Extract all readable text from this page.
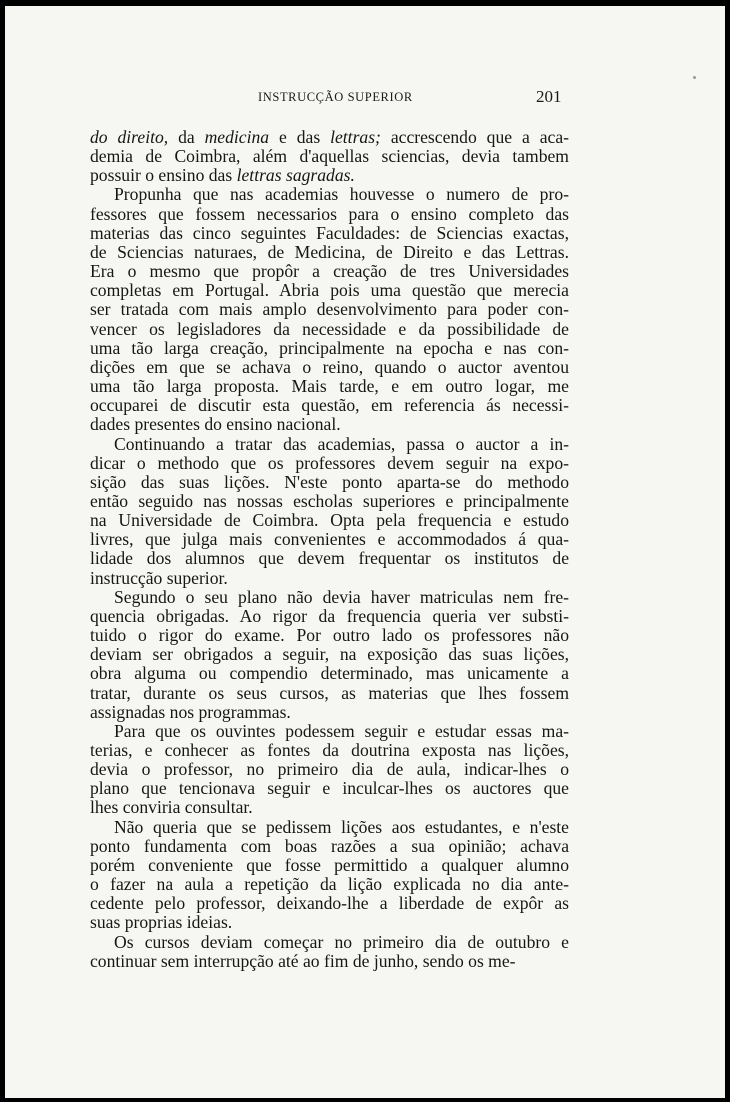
INSTRUCÇÃO SUPERIOR	201

do direito, da medicina e das lettras; accrescendo que a aca-
demia de Coimbra, além d'aquellas sciencias, devia tambem
possuir o ensino das lettras sagradas.

Propunha que nas academias houvesse o numero de pro-
fessores que fossem necessarios para o ensino completo das
materias das cinco seguintes Faculdades: de Sciencias exactas,
de Sciencias naturaes, de Medicina, de Direito e das Lettras.
Era o mesmo que propôr a creação de tres Universidades
completas em Portugal. Abria pois uma questão que merecia
ser tratada com mais amplo desenvolvimento para poder con-
vencer os legisladores da necessidade e da possibilidade de
uma tão larga creação, principalmente na epocha e nas con-
dições em que se achava o reino, quando o auctor aventou
uma tão larga proposta. Mais tarde, e em outro logar, me
occuparei de discutir esta questão, em referencia ás necessi-
dades presentes do ensino nacional.

Continuando a tratar das academias, passa o auctor a in-
dicar o methodo que os professores devem seguir na expo-
sição das suas lições. N'este ponto aparta-se do methodo
então seguido nas nossas escholas superiores e principalmente
na Universidade de Coimbra. Opta pela frequencia e estudo
livres, que julga mais convenientes e accommodados á qua-
lidade dos alumnos que devem frequentar os institutos de
instrucção superior.

Segundo o seu plano não devia haver matriculas nem fre-
quencia obrigadas. Ao rigor da frequencia queria ver substi-
tuido o rigor do exame. Por outro lado os professores não
deviam ser obrigados a seguir, na exposição das suas lições,
obra alguma ou compendio determinado, mas unicamente a
tratar, durante os seus cursos, as materias que lhes fossem
assignadas nos programmas.

Para que os ouvintes podessem seguir e estudar essas ma-
terias, e conhecer as fontes da doutrina exposta nas lições,
devia o professor, no primeiro dia de aula, indicar-lhes o
plano que tencionava seguir e inculcar-lhes os auctores que
lhes conviria consultar.

Não queria que se pedissem lições aos estudantes, e n'este
ponto fundamenta com boas razões a sua opinião; achava
porém conveniente que fosse permittido a qualquer alumno
o fazer na aula a repetição da lição explicada no dia ante-
cedente pelo professor, deixando-lhe a liberdade de expôr as
suas proprias ideias.

Os cursos deviam começar no primeiro dia de outubro e
continuar sem interrupção até ao fim de junho, sendo os me-
